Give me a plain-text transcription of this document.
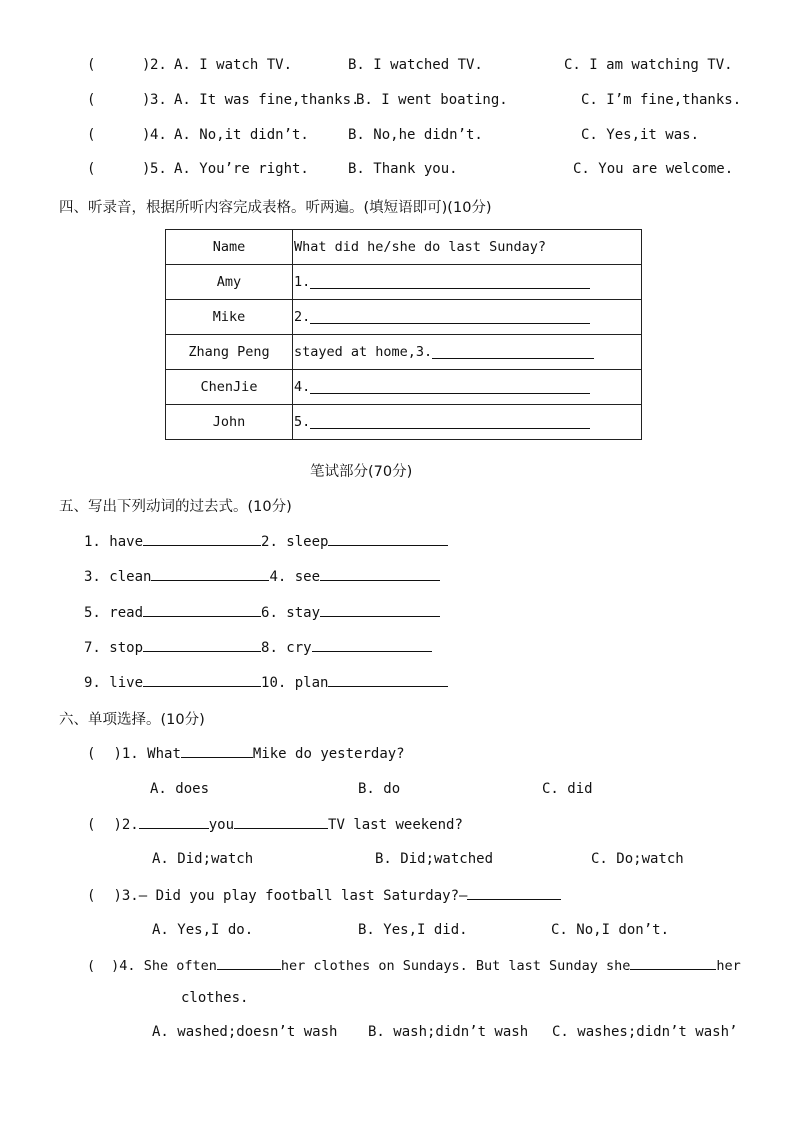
(	) 2. A. I watch TV.	B. I watched TV.	C. I am watching TV.
(	) 3. A. It was fine,thanks.
B. I went boating.	C. I’m fine,thanks.
(	) 4. A. No,it didn’t.	B. No,he didn’t.	C. Yes,it was.
(	) 5. A. You’re right.	B. Thank you.	C. You are welcome.
四、听录音，根据所听内容完成表格。听两遍。(填短语即可)(10分)
Name	What did he/she do last Sunday?
Amy	1.
Mike	2.
Zhang Peng	stayed at home,3.
ChenJie	4.
John	5.
笔试部分(70分)
五、写出下列动词的过去式。(10分)
1. have	2. sleep
3. clean	4. see
5. read	6. stay
7. stop	8. cry
9. live	10. plan
六、单项选择。(10分)
( )1. What	Mike do yesterday?
A. does	B. do	C. did
( )2.	you	TV last weekend?
A. Did;watch	B. Did;watched	C. Do;watch
( )3.— Did you play football last Saturday?—
A. Yes,I do.	B. Yes,I did.	C. No,I don’t.
( )4. She often	her clothes on Sundays. But last Sunday she	her
clothes.
A. washed;doesn’t wash B. wash;didn’t wash C. washes;didn’t wash’
